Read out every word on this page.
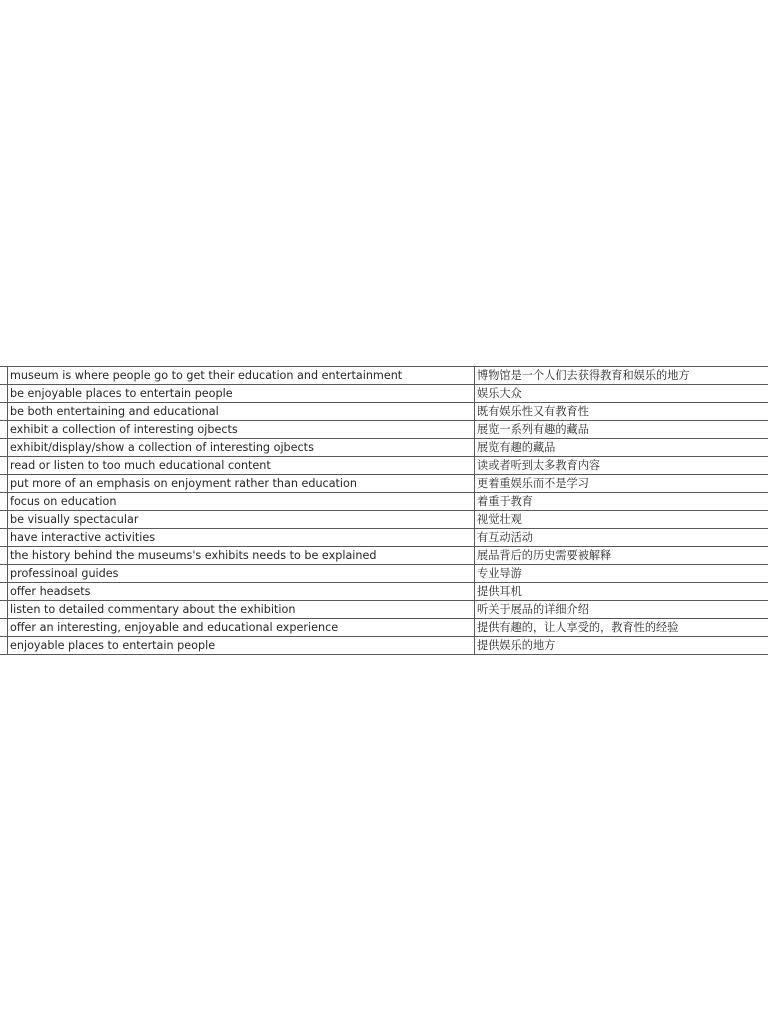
museum is where people go to get their education and entertainment	博物馆是一个人们去获得教育和娱乐的地方
be enjoyable places to entertain people	娱乐大众
be both entertaining and educational	既有娱乐性又有教育性
exhibit a collection of interesting ojbects	展览一系列有趣的藏品
exhibit/display/show a collection of interesting ojbects	展览有趣的藏品
read or listen to too much educational content	读或者听到太多教育内容
put more of an emphasis on enjoyment rather than education	更着重娱乐而不是学习
focus on education	着重于教育
be visually spectacular	视觉壮观
have interactive activities	有互动活动
the history behind the museums's exhibits needs to be explained	展品背后的历史需要被解释
professinoal guides	专业导游
offer headsets	提供耳机
listen to detailed commentary about the exhibition	听关于展品的详细介绍
offer an interesting, enjoyable and educational experience	提供有趣的，让人享受的，教育性的经验
enjoyable places to entertain people	提供娱乐的地方
